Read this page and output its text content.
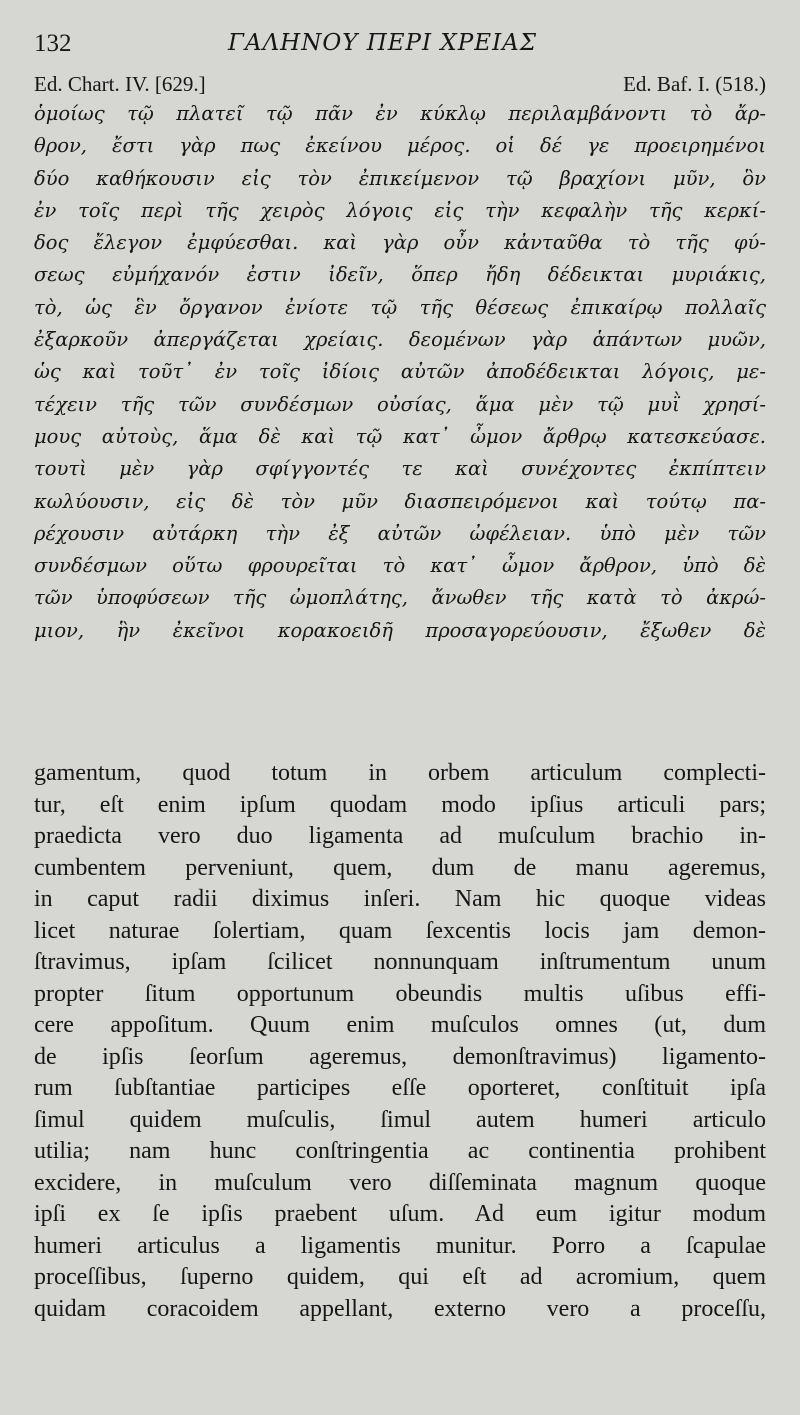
132	ΓΑΛΗΝΟΥ ΠΕΡΙ ΧΡΕΙΑΣ
Ed. Chart. IV. [629.]	Ed. Baf. I. (518.)
ὁμοίως τῷ πλατεῖ τῷ πᾶν ἐν κύκλῳ περιλαμβάνοντι τὸ ἄρ-
θρον, ἔστι γὰρ πως ἐκείνου μέρος. οἱ δέ γε προειρημένοι
δύο καθήκουσιν εἰς τὸν ἐπικείμενον τῷ βραχίονι μῦν, ὃν
ἐν τοῖς περὶ τῆς χειρὸς λόγοις εἰς τὴν κεφαλὴν τῆς κερκί-
δος ἔλεγον ἐμφύεσθαι. καὶ γὰρ οὖν κἀνταῦθα τὸ τῆς φύ-
σεως εὐμήχανόν ἐστιν ἰδεῖν, ὅπερ ἤδη δέδεικται μυριάκις,
τὸ, ὡς ἓν ὄργανον ἐνίοτε τῷ τῆς θέσεως ἐπικαίρῳ πολλαῖς
ἐξαρκοῦν ἀπεργάζεται χρείαις. δεομένων γὰρ ἁπάντων μυῶν,
ὡς καὶ τοῦτ᾽ ἐν τοῖς ἰδίοις αὐτῶν ἀποδέδεικται λόγοις, με-
τέχειν τῆς τῶν συνδέσμων οὐσίας, ἅμα μὲν τῷ μυῒ χρησί-
μους αὐτοὺς, ἅμα δὲ καὶ τῷ κατ᾽ ὦμον ἄρθρῳ κατεσκεύασε.
τουτὶ μὲν γὰρ σφίγγοντές τε καὶ συνέχοντες ἐκπίπτειν
κωλύουσιν, εἰς δὲ τὸν μῦν διασπειρόμενοι καὶ τούτῳ πα-
ρέχουσιν αὐτάρκη τὴν ἐξ αὐτῶν ὠφέλειαν. ὑπὸ μὲν τῶν
συνδέσμων οὕτω φρουρεῖται τὸ κατ᾽ ὦμον ἄρθρον, ὑπὸ δὲ
τῶν ὑποφύσεων τῆς ὠμοπλάτης, ἄνωθεν τῆς κατὰ τὸ ἀκρώ-
μιον, ἣν ἐκεῖνοι κορακοειδῆ προσαγορεύουσιν, ἔξωθεν δὲ
gamentum, quod totum in orbem articulum complecti-
tur, eſt enim ipſum quodam modo ipſius articuli pars;
praedicta vero duo ligamenta ad muſculum brachio in-
cumbentem perveniunt, quem, dum de manu ageremus,
in caput radii diximus inſeri. Nam hic quoque videas
licet naturae ſolertiam, quam ſexcentis locis jam demon-
ſtravimus, ipſam ſcilicet nonnunquam inſtrumentum unum
propter ſitum opportunum obeundis multis uſibus effi-
cere appoſitum. Quum enim muſculos omnes (ut, dum
de ipſis ſeorſum ageremus, demonſtravimus) ligamento-
rum ſubſtantiae participes eſſe oporteret, conſtituit ipſa
ſimul quidem muſculis, ſimul autem humeri articulo
utilia; nam hunc conſtringentia ac continentia prohibent
excidere, in muſculum vero diſſeminata magnum quoque
ipſi ex ſe ipſis praebent uſum. Ad eum igitur modum
humeri articulus a ligamentis munitur. Porro a ſcapulae
proceſſibus, ſuperno quidem, qui eſt ad acromium, quem
quidam coracoidem appellant, externo vero a proceſſu,
